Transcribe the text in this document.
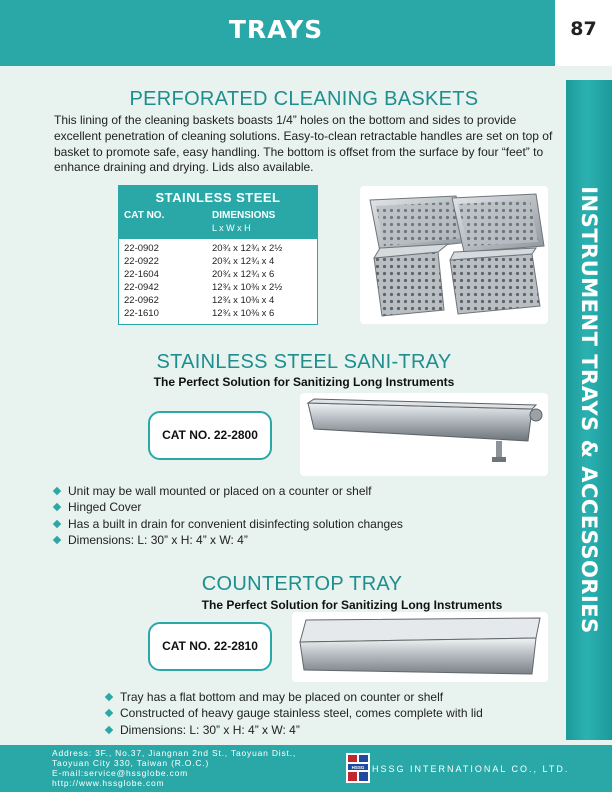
TRAYS	87
INSTRUMENT TRAYS & ACCESSORIES
PERFORATED CLEANING BASKETS
This lining of the cleaning baskets boasts 1/4” holes on the bottom and sides to provide excellent penetration of cleaning solutions. Easy-to-clean retractable handles are set on top of basket to promote safe, easy handling. The bottom is offset from the surface by four “feet” to enhance draining and drying. Lids also available.
STAINLESS STEEL
CAT NO.	DIMENSIONS
L x W x H
22-0902	20¾ x 12¾ x 2½
22-0922	20¾ x 12¾ x 4
22-1604	20¾ x 12¾ x 6
22-0942	12¾ x 10⅜ x 2½
22-0962	12¾ x 10⅜ x 4
22-1610	12¾ x 10⅜ x 6
STAINLESS STEEL SANI-TRAY
The Perfect Solution for Sanitizing Long Instruments
CAT NO. 22-2800
Unit may be wall mounted or placed on a counter or shelf
Hinged Cover
Has a built in drain for convenient disinfecting solution changes
Dimensions: L: 30” x H: 4” x W: 4”
COUNTERTOP TRAY
The Perfect Solution for Sanitizing Long Instruments
CAT NO. 22-2810
Tray has a flat bottom and may be placed on counter or shelf
Constructed of heavy gauge stainless steel, comes complete with lid
Dimensions: L: 30” x H: 4” x W: 4”
Address: 3F., No.37, Jiangnan 2nd St., Taoyuan Dist.,
Taoyuan City 330, Taiwan (R.O.C.)
E-mail:service@hssglobe.com
http://www.hssglobe.com
HSSG HSSG INTERNATIONAL CO., LTD.
